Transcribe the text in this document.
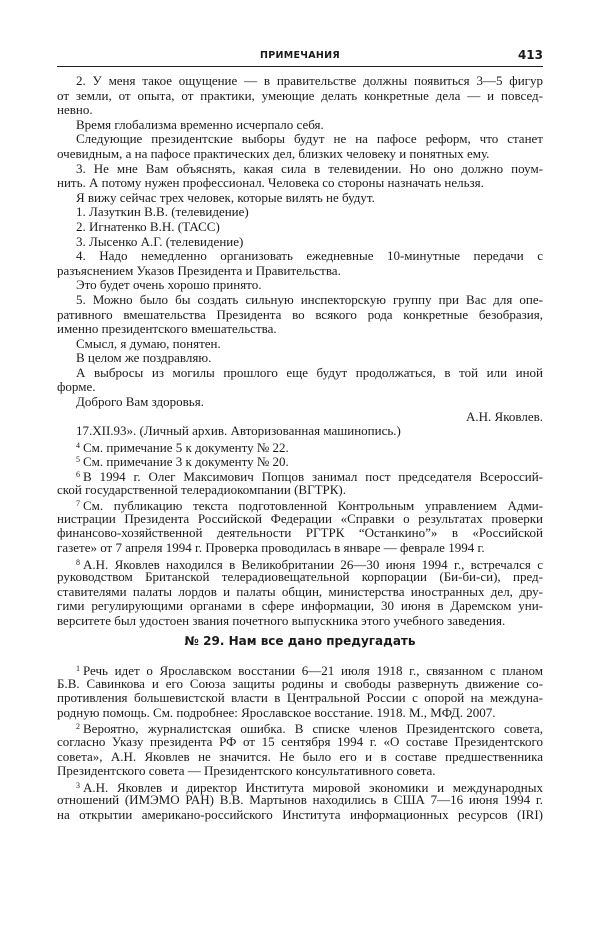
ПРИМЕЧАНИЯ	413
2. У меня такое ощущение — в правительстве должны появиться 3—5 фигур
от земли, от опыта, от практики, умеющие делать конкретные дела — и повсед-
невно.
Время глобализма временно исчерпало себя.
Следующие президентские выборы будут не на пафосе реформ, что станет
очевидным, а на пафосе практических дел, близких человеку и понятных ему.
3. Не мне Вам объяснять, какая сила в телевидении. Но оно должно поум-
нить. А потому нужен профессионал. Человека со стороны назначать нельзя.
Я вижу сейчас трех человек, которые вилять не будут.
1. Лазуткин В.В. (телевидение)
2. Игнатенко В.Н. (ТАСС)
3. Лысенко А.Г. (телевидение)
4. Надо немедленно организовать ежедневные 10-минутные передачи с
разъяснением Указов Президента и Правительства.
Это будет очень хорошо принято.
5. Можно было бы создать сильную инспекторскую группу при Вас для опе-
ративного вмешательства Президента во всякого рода конкретные безобразия,
именно президентского вмешательства.
Смысл, я думаю, понятен.
В целом же поздравляю.
А выбросы из могилы прошлого еще будут продолжаться, в той или иной
форме.
Доброго Вам здоровья.
А.Н. Яковлев.
17.XII.93». (Личный архив. Авторизованная машинопись.)
$^4$ См. примечание 5 к документу № 22.
$^5$ См. примечание 3 к документу № 20.
$^6$ В 1994 г. Олег Максимович Попцов занимал пост председателя Всероссий-
ской государственной телерадиокомпании (ВГТРК).
$^7$ См. публикацию текста подготовленной Контрольным управлением Адми-
нистрации Президента Российской Федерации «Справки о результатах проверки
финансово-хозяйственной деятельности РГТРК “Останкино”» в «Российской
газете» от 7 апреля 1994 г. Проверка проводилась в январе — феврале 1994 г.
$^8$ А.Н. Яковлев находился в Великобритании 26—30 июня 1994 г., встречался с
руководством Британской телерадиовещательной корпорации (Би-би-си), пред-
ставителями палаты лордов и палаты общин, министерства иностранных дел, дру-
гими регулирующими органами в сфере информации, 30 июня в Даремском уни-
верситете был удостоен звания почетного выпускника этого учебного заведения.
№ 29. Нам все дано предугадать
$^1$ Речь идет о Ярославском восстании 6—21 июля 1918 г., связанном с планом
Б.В. Савинкова и его Союза защиты родины и свободы развернуть движение со-
противления большевистской власти в Центральной России с опорой на междуна-
родную помощь. См. подробнее: Ярославское восстание. 1918. М., МФД. 2007.
$^2$ Вероятно, журналистская ошибка. В списке членов Президентского совета,
согласно Указу президента РФ от 15 сентября 1994 г. «О составе Президентского
совета», А.Н. Яковлев не значится. Не было его и в составе предшественника
Президентского совета — Президентского консультативного совета.
$^3$ А.Н. Яковлев и директор Института мировой экономики и международных
отношений (ИМЭМО РАН) В.В. Мартынов находились в США 7—16 июня 1994 г.
на открытии американо-российского Института информационных ресурсов (IRI)
